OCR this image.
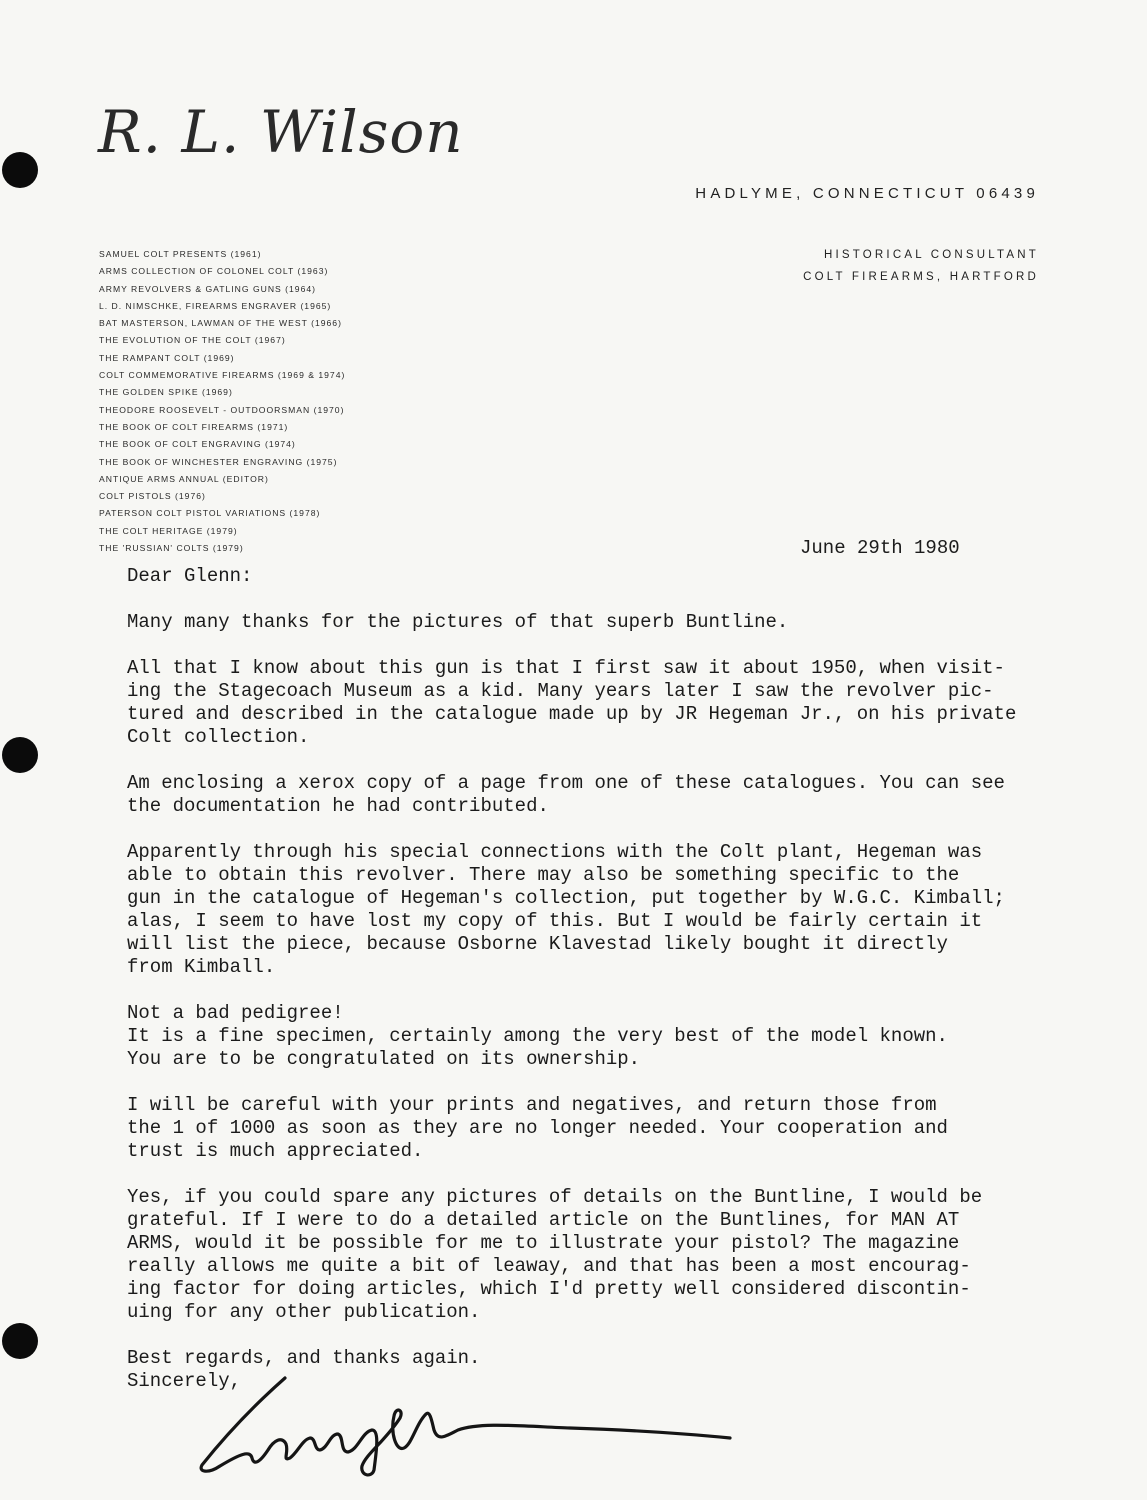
R. L. Wilson
HADLYME, CONNECTICUT 06439
HISTORICAL CONSULTANT
COLT FIREARMS, HARTFORD
SAMUEL COLT PRESENTS (1961)
ARMS COLLECTION OF COLONEL COLT (1963)
ARMY REVOLVERS & GATLING GUNS (1964)
L. D. NIMSCHKE, FIREARMS ENGRAVER (1965)
BAT MASTERSON, LAWMAN OF THE WEST (1966)
THE EVOLUTION OF THE COLT (1967)
THE RAMPANT COLT (1969)
COLT COMMEMORATIVE FIREARMS (1969 & 1974)
THE GOLDEN SPIKE (1969)
THEODORE ROOSEVELT - OUTDOORSMAN (1970)
THE BOOK OF COLT FIREARMS (1971)
THE BOOK OF COLT ENGRAVING (1974)
THE BOOK OF WINCHESTER ENGRAVING (1975)
ANTIQUE ARMS ANNUAL (EDITOR)
COLT PISTOLS (1976)
PATERSON COLT PISTOL VARIATIONS (1978)
THE COLT HERITAGE (1979)
THE 'RUSSIAN' COLTS (1979)	June 29th 1980

Dear Glenn:

Many many thanks for the pictures of that superb Buntline.

All that I know about this gun is that I first saw it about 1950, when visit-
ing the Stagecoach Museum as a kid. Many years later I saw the revolver pic-
tured and described in the catalogue made up by JR Hegeman Jr., on his private
Colt collection.

Am enclosing a xerox copy of a page from one of these catalogues. You can see
the documentation he had contributed.

Apparently through his special connections with the Colt plant, Hegeman was
able to obtain this revolver. There may also be something specific to the
gun in the catalogue of Hegeman's collection, put together by W.G.C. Kimball;
alas, I seem to have lost my copy of this. But I would be fairly certain it
will list the piece, because Osborne Klavestad likely bought it directly
from Kimball.

Not a bad pedigree!
It is a fine specimen, certainly among the very best of the model known.
You are to be congratulated on its ownership.

I will be careful with your prints and negatives, and return those from
the 1 of 1000 as soon as they are no longer needed. Your cooperation and
trust is much appreciated.

Yes, if you could spare any pictures of details on the Buntline, I would be
grateful. If I were to do a detailed article on the Buntlines, for MAN AT
ARMS, would it be possible for me to illustrate your pistol? The magazine
really allows me quite a bit of leaway, and that has been a most encourag-
ing factor for doing articles, which I'd pretty well considered discontin-
uing for any other publication.

Best regards, and thanks again.
Sincerely,
